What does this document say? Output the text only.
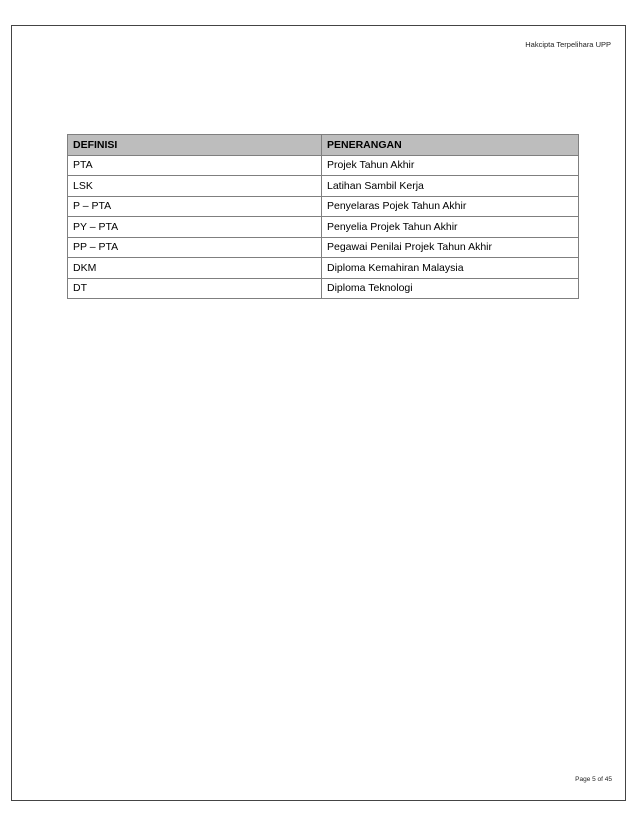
Hakcipta Terpelihara UPP
DEFINISI	PENERANGAN
PTA	Projek Tahun Akhir
LSK	Latihan Sambil Kerja
P – PTA	Penyelaras Pojek Tahun Akhir
PY – PTA	Penyelia Projek Tahun Akhir
PP – PTA	Pegawai Penilai Projek Tahun Akhir
DKM	Diploma Kemahiran Malaysia
DT	Diploma Teknologi
Page 5 of 45
